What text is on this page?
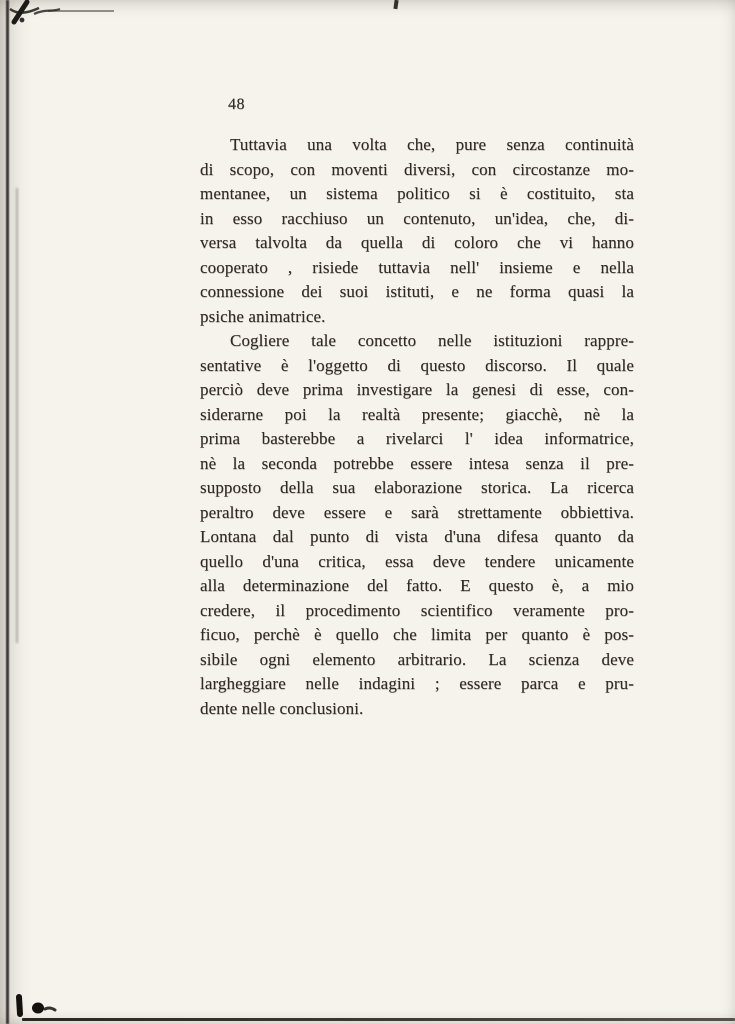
48
Tuttavia una volta che, pure senza continuità
di scopo, con moventi diversi, con circostanze mo-
mentanee, un sistema politico si è costituito, sta
in esso racchiuso un contenuto, un'idea, che, di-
versa talvolta da quella di coloro che vi hanno
cooperato , risiede tuttavia nell' insieme e nella
connessione dei suoi istituti, e ne forma quasi la
psiche animatrice.
Cogliere tale concetto nelle istituzioni rappre-
sentative è l'oggetto di questo discorso. Il quale
perciò deve prima investigare la genesi di esse, con-
siderarne poi la realtà presente; giacchè, nè la
prima basterebbe a rivelarci l' idea informatrice,
nè la seconda potrebbe essere intesa senza il pre-
supposto della sua elaborazione storica. La ricerca
peraltro deve essere e sarà strettamente obbiettiva.
Lontana dal punto di vista d'una difesa quanto da
quello d'una critica, essa deve tendere unicamente
alla determinazione del fatto. E questo è, a mio
credere, il procedimento scientifico veramente pro-
ficuo, perchè è quello che limita per quanto è pos-
sibile ogni elemento arbitrario. La scienza deve
largheggiare nelle indagini ; essere parca e pru-
dente nelle conclusioni.
